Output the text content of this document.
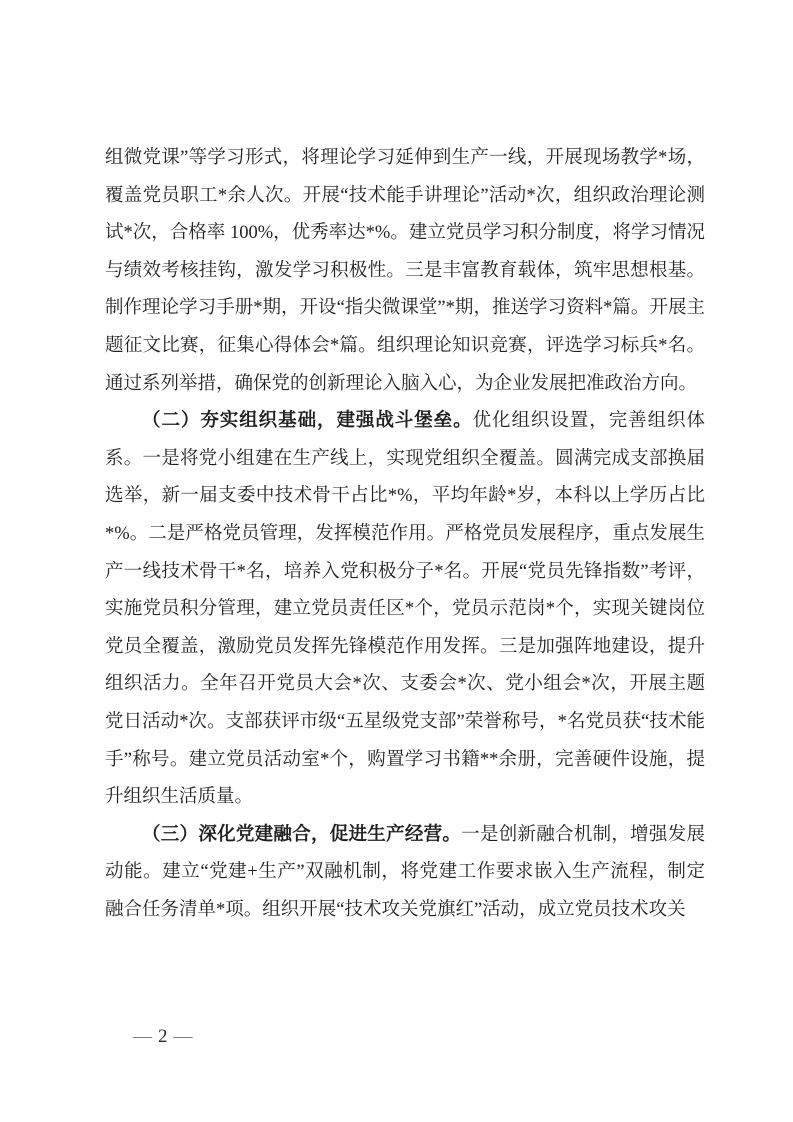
组微党课”等学习形式，将理论学习延伸到生产一线，开展现场教学*场，覆盖党员职工*余人次。开展“技术能手讲理论”活动*次，组织政治理论测试*次，合格率 100%，优秀率达*%。建立党员学习积分制度，将学习情况与绩效考核挂钩，激发学习积极性。三是丰富教育载体，筑牢思想根基。制作理论学习手册*期，开设“指尖微课堂”*期，推送学习资料*篇。开展主题征文比赛，征集心得体会*篇。组织理论知识竞赛，评选学习标兵*名。通过系列举措，确保党的创新理论入脑入心，为企业发展把准政治方向。

（二）夯实组织基础，建强战斗堡垒。优化组织设置，完善组织体系。一是将党小组建在生产线上，实现党组织全覆盖。圆满完成支部换届选举，新一届支委中技术骨干占比*%，平均年龄*岁，本科以上学历占比*%。二是严格党员管理，发挥模范作用。严格党员发展程序，重点发展生产一线技术骨干*名，培养入党积极分子*名。开展“党员先锋指数”考评，实施党员积分管理，建立党员责任区*个，党员示范岗*个，实现关键岗位党员全覆盖，激励党员发挥先锋模范作用发挥。三是加强阵地建设，提升组织活力。全年召开党员大会*次、支委会*次、党小组会*次，开展主题党日活动*次。支部获评市级“五星级党支部”荣誉称号，*名党员获“技术能手”称号。建立党员活动室*个，购置学习书籍**余册，完善硬件设施，提升组织生活质量。

（三）深化党建融合，促进生产经营。一是创新融合机制，增强发展动能。建立“党建+生产”双融机制，将党建工作要求嵌入生产流程，制定融合任务清单*项。组织开展“技术攻关党旗红”活动，成立党员技术攻关

— 2 —
